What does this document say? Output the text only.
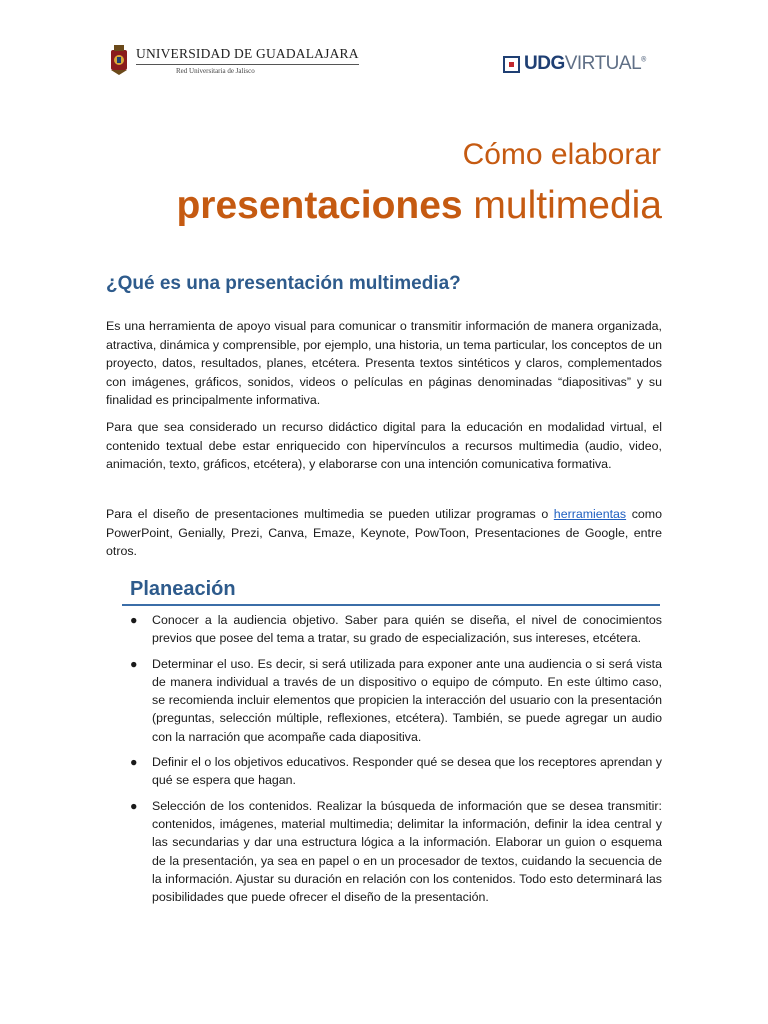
UNIVERSIDAD DE GUADALAJARA
Red Universitaria de Jalisco	UDGVIRTUAL®
Cómo elaborar
presentaciones multimedia
¿Qué es una presentación multimedia?

Es una herramienta de apoyo visual para comunicar o transmitir información de manera organizada, atractiva, dinámica y comprensible, por ejemplo, una historia, un tema particular, los conceptos de un proyecto, datos, resultados, planes, etcétera. Presenta textos sintéticos y claros, complementados con imágenes, gráficos, sonidos, videos o películas en páginas denominadas “diapositivas” y su finalidad es principalmente informativa.

Para que sea considerado un recurso didáctico digital para la educación en modalidad virtual, el contenido textual debe estar enriquecido con hipervínculos a recursos multimedia (audio, video, animación, texto, gráficos, etcétera), y elaborarse con una intención comunicativa formativa.

Para el diseño de presentaciones multimedia se pueden utilizar programas o herramientas como PowerPoint, Genially, Prezi, Canva, Emaze, Keynote, PowToon, Presentaciones de Google, entre otros.

Planeación
● Conocer a la audiencia objetivo. Saber para quién se diseña, el nivel de conocimientos previos que posee del tema a tratar, su grado de especialización, sus intereses, etcétera.
● Determinar el uso. Es decir, si será utilizada para exponer ante una audiencia o si será vista de manera individual a través de un dispositivo o equipo de cómputo. En este último caso, se recomienda incluir elementos que propicien la interacción del usuario con la presentación (preguntas, selección múltiple, reflexiones, etcétera). También, se puede agregar un audio con la narración que acompañe cada diapositiva.
● Definir el o los objetivos educativos. Responder qué se desea que los receptores aprendan y qué se espera que hagan.
● Selección de los contenidos. Realizar la búsqueda de información que se desea transmitir: contenidos, imágenes, material multimedia; delimitar la información, definir la idea central y las secundarias y dar una estructura lógica a la información. Elaborar un guion o esquema de la presentación, ya sea en papel o en un procesador de textos, cuidando la secuencia de la información. Ajustar su duración en relación con los contenidos. Todo esto determinará las posibilidades que puede ofrecer el diseño de la presentación.
